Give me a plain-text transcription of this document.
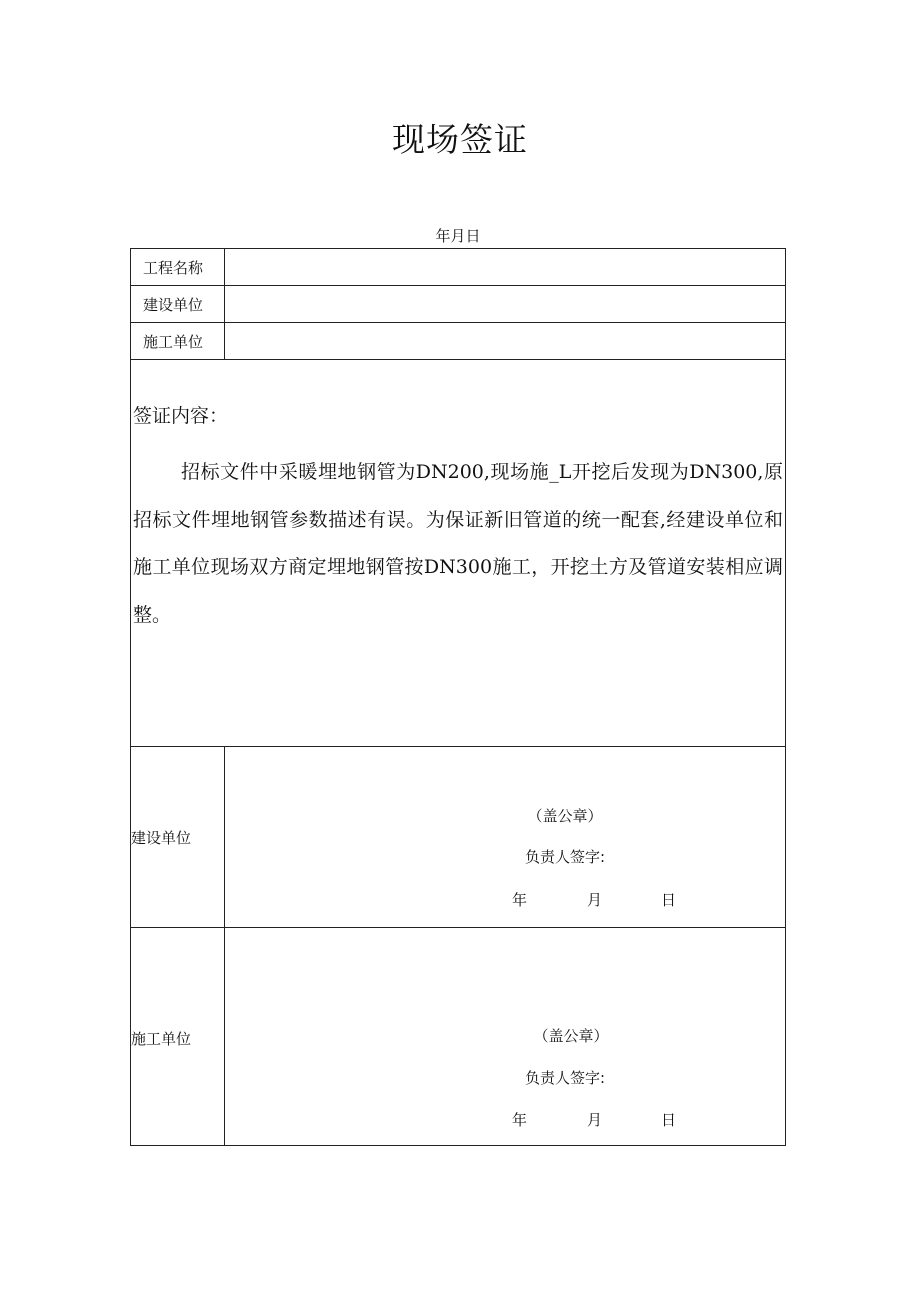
现场签证
年月日
工程名称
建设单位
施工单位
签证内容：
招标文件中采暖埋地钢管为DN200,现场施_L开挖后发现为DN300,原招标文件埋地钢管参数描述有误。为保证新旧管道的统一配套,经建设单位和施工单位现场双方商定埋地钢管按DN300施工，开挖土方及管道安装相应调整。
建设单位
（盖公章）
负责人签字:
年	月	日
施工单位	（盖公章）
负责人签字:
年	月	日
